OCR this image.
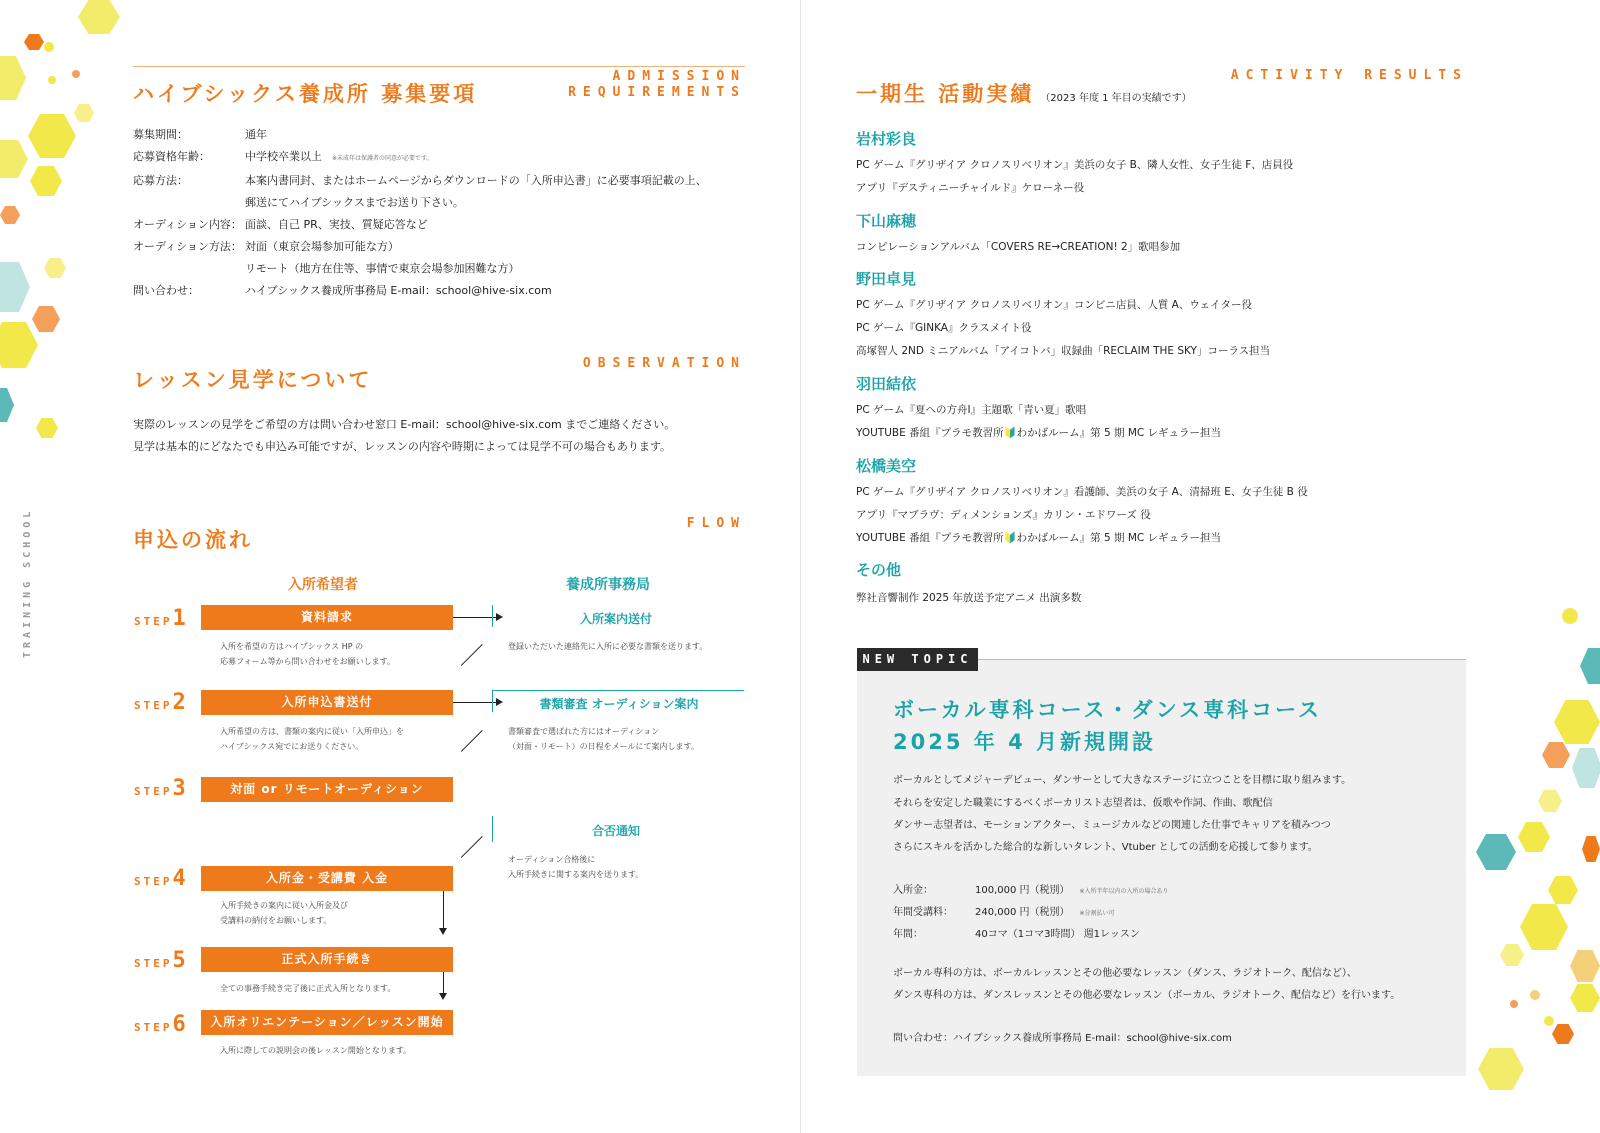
TRAINING SCHOOL
ハイブシックス養成所 募集要項
ADMISSION
REQUIREMENTS
募集期間：	通年
応募資格年齢：	中学校卒業以上 ※未成年は保護者の同意が必要です。
応募方法：	本案内書同封、またはホームページからダウンロードの「入所申込書」に必要事項記載の上、
郵送にてハイブシックスまでお送り下さい。
オーディション内容： 面談、自己 PR、実技、質疑応答など
オーディション方法： 対面（東京会場参加可能な方）
リモート（地方在住等、事情で東京会場参加困難な方）
問い合わせ：	ハイブシックス養成所事務局 E-mail：school@hive-six.com
レッスン見学について
OBSERVATION
実際のレッスンの見学をご希望の方は問い合わせ窓口 E-mail：school@hive-six.com までご連絡ください。
見学は基本的にどなたでも申込み可能ですが、レッスンの内容や時期によっては見学不可の場合もあります。
申込の流れ
FLOW
入所希望者	養成所事務局
STEP1	資料請求
入所を希望の方はハイブシックス HP の
応募フォーム等から問い合わせをお願いします。
入所案内送付
登録いただいた連絡先に入所に必要な書類を送ります。
STEP2	入所申込書送付
入所希望の方は、書類の案内に従い「入所申込」を
ハイブシックス宛でにお送りください。
書類審査 オーディション案内
書類審査で選ばれた方にはオーディション
（対面・リモート）の日程をメールにて案内します。
STEP3	対面 or リモートオーディション
合否通知
オーディション合格後に
入所手続きに関する案内を送ります。
STEP4	入所金・受講費 入金
入所手続きの案内に従い入所金及び
受講料の納付をお願いします。
STEP5	正式入所手続き
全ての事務手続き完了後に正式入所となります。
STEP6	入所オリエンテーション／レッスン開始
入所に際しての説明会の後レッスン開始となります。
一期生 活動実績 （2023 年度 1 年目の実績です）
ACTIVITY RESULTS
岩村彩良
PC ゲーム『グリザイア クロノスリベリオン』美浜の女子 B、隣人女性、女子生徒 F、店員役
アプリ『デスティニーチャイルド』ケローネー役
下山麻穂
コンピレーションアルバム「COVERS RE→CREATION! 2」歌唱参加
野田卓見
PC ゲーム『グリザイア クロノスリベリオン』コンビニ店員、人質 A、ウェイター役
PC ゲーム『GINKA』クラスメイト役
高塚智人 2ND ミニアルバム「アイコトバ」収録曲「RECLAIM THE SKY」コーラス担当
羽田結依
PC ゲーム『夏への方舟Ⅰ』主題歌「青い夏」歌唱
YOUTUBE 番組『プラモ教習所🔰わかばルーム』第 5 期 MC レギュラー担当
松橋美空
PC ゲーム『グリザイア クロノスリベリオン』看護師、美浜の女子 A、清掃班 E、女子生徒 B 役
アプリ『マブラヴ：ディメンションズ』カリン・エドワーズ 役
YOUTUBE 番組『プラモ教習所🔰わかばルーム』第 5 期 MC レギュラー担当
その他
弊社音響制作 2025 年放送予定アニメ 出演多数
NEW TOPIC
ボーカル専科コース・ダンス専科コース
2025 年 4 月新規開設
ボーカルとしてメジャーデビュー、ダンサーとして大きなステージに立つことを目標に取り組みます。
それらを安定した職業にするべくボーカリスト志望者は、仮歌や作詞、作曲、歌配信
ダンサー志望者は、モーションアクター、ミュージカルなどの関連した仕事でキャリアを積みつつ
さらにスキルを活かした総合的な新しいタレント、Vtuber としての活動を応援して参ります。
入所金：	100,000 円（税別） ※入所半年以内の入所の場合あり
年間受講料： 240,000 円（税別） ※分割払い可
年間：	40コマ（1コマ3時間） 週1レッスン
ボーカル専科の方は、ボーカルレッスンとその他必要なレッスン（ダンス、ラジオトーク、配信など）、
ダンス専科の方は、ダンスレッスンとその他必要なレッスン（ボーカル、ラジオトーク、配信など）を行います。
問い合わせ：ハイブシックス養成所事務局 E-mail：school@hive-six.com
